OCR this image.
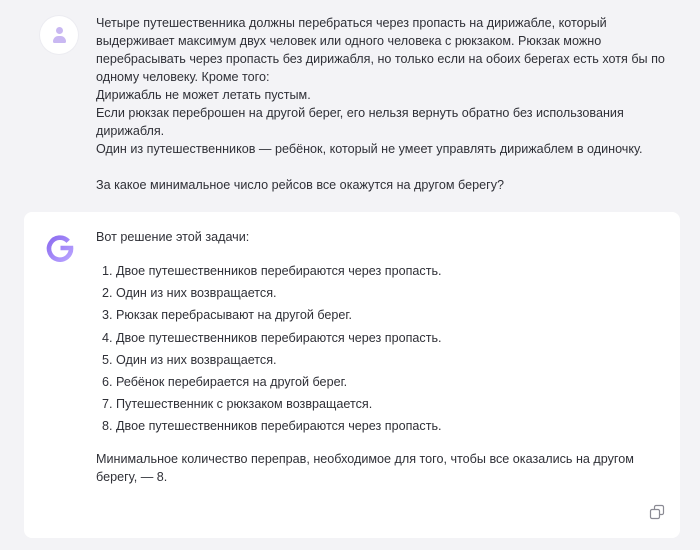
Четыре путешественника должны перебраться через пропасть на дирижабле, который

выдерживает максимум двух человек или одного человека с рюкзаком. Рюкзак можно

перебрасывать через пропасть без дирижабля, но только если на обоих берегах есть хотя бы по

одному человеку. Кроме того:

Дирижабль не может летать пустым.

Если рюкзак переброшен на другой берег, его нельзя вернуть обратно без использования

дирижабля.

Один из путешественников — ребёнок, который не умеет управлять дирижаблем в одиночку.

За какое минимальное число рейсов все окажутся на другом берегу?

Вот решение этой задачи:

1. Двое путешественников перебираются через пропасть.
2. Один из них возвращается.
3. Рюкзак перебрасывают на другой берег.
4. Двое путешественников перебираются через пропасть.
5. Один из них возвращается.
6. Ребёнок перебирается на другой берег.
7. Путешественник с рюкзаком возвращается.
8. Двое путешественников перебираются через пропасть.

Минимальное количество переправ, необходимое для того, чтобы все оказались на другом
берегу, — 8.
